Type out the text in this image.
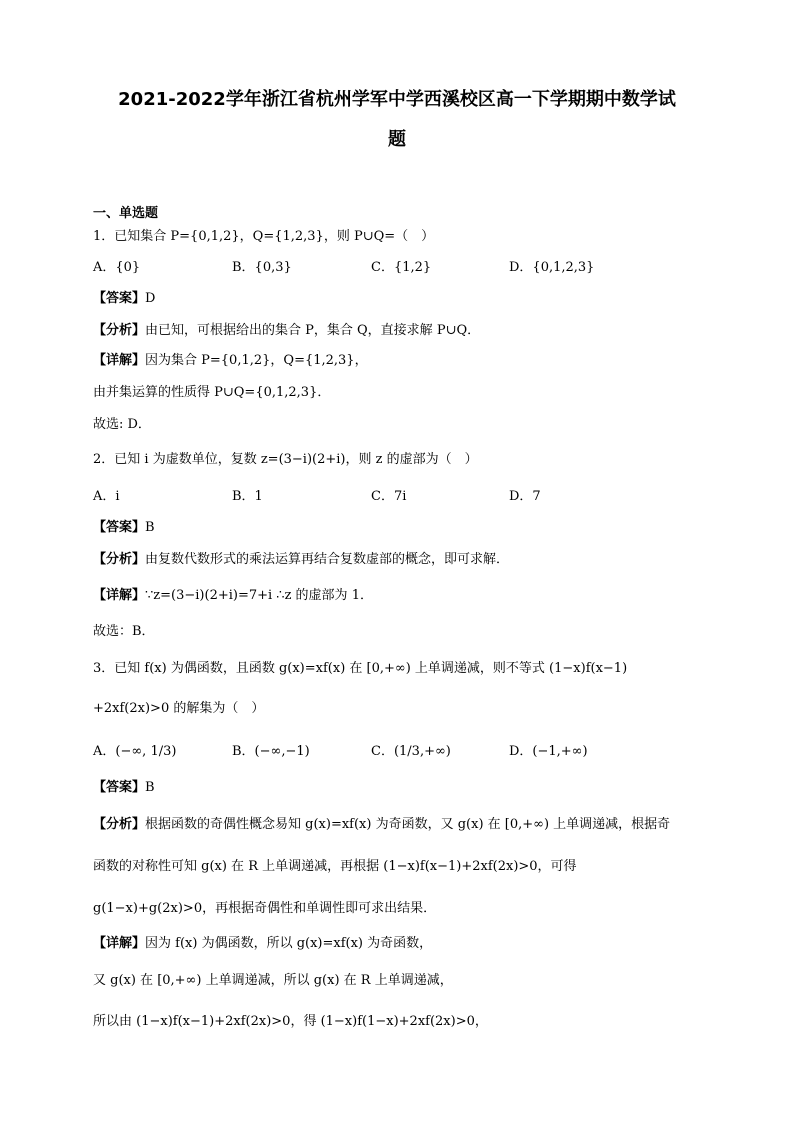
2021-2022学年浙江省杭州学军中学西溪校区高一下学期期中数学试
题
一、单选题
1．已知集合 P={0,1,2}，Q={1,2,3}，则 P∪Q=（　）
A．{0}	B．{0,3}	C．{1,2}	D．{0,1,2,3}
【答案】D
【分析】由已知，可根据给出的集合 P，集合 Q，直接求解 P∪Q．
【详解】因为集合 P={0,1,2}，Q={1,2,3}，
由并集运算的性质得 P∪Q={0,1,2,3}．
故选: D．
2．已知 i 为虚数单位，复数 z=(3−i)(2+i)，则 z 的虚部为（　）
A．i	B．1	C．7i	D．7
【答案】B
【分析】由复数代数形式的乘法运算再结合复数虚部的概念，即可求解．
【详解】∵z=(3−i)(2+i)=7+i ∴z 的虚部为 1．
故选：B．
3．已知 f(x) 为偶函数，且函数 g(x)=xf(x) 在 [0,+∞) 上单调递减，则不等式 (1−x)f(x−1)
+2xf(2x)>0 的解集为（　）
A．(−∞, 1/3)	B．(−∞,−1)	C．(1/3,+∞)	D．(−1,+∞)
【答案】B
【分析】根据函数的奇偶性概念易知 g(x)=xf(x) 为奇函数，又 g(x) 在 [0,+∞) 上单调递减，根据奇
函数的对称性可知 g(x) 在 R 上单调递减，再根据 (1−x)f(x−1)+2xf(2x)>0，可得
g(1−x)+g(2x)>0，再根据奇偶性和单调性即可求出结果．
【详解】因为 f(x) 为偶函数，所以 g(x)=xf(x) 为奇函数，
又 g(x) 在 [0,+∞) 上单调递减，所以 g(x) 在 R 上单调递减，
所以由 (1−x)f(x−1)+2xf(2x)>0，得 (1−x)f(1−x)+2xf(2x)>0，
